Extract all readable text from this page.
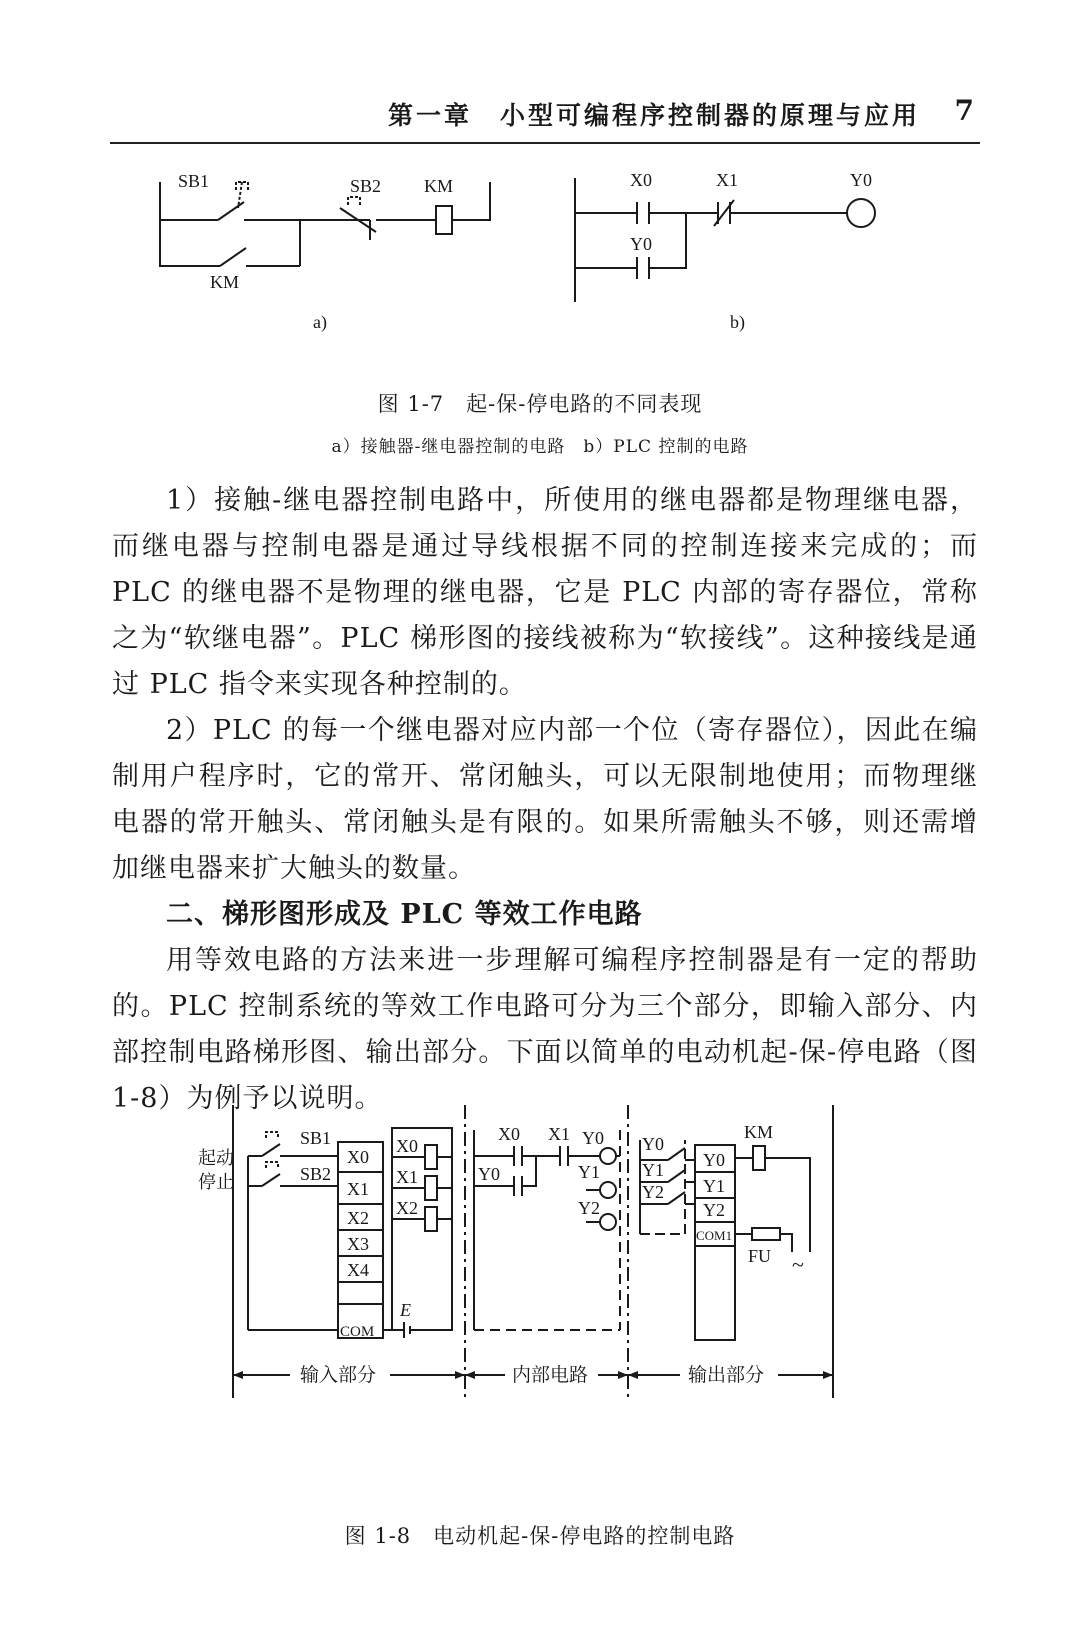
第一章　小型可编程序控制器的原理与应用 7
SB1	SB2 KM
KM
X0	X1	Y0
Y0
a)	b)
图 1-7　起-保-停电路的不同表现
a）接触器-继电器控制的电路　b）PLC 控制的电路

1）接触-继电器控制电路中，所使用的继电器都是物理继电器，而继电器与控制电器是通过导线根据不同的控制连接来完成的；而 PLC 的继电器不是物理的继电器，它是 PLC 内部的寄存器位，常称之为“软继电器”。PLC 梯形图的接线被称为“软接线”。这种接线是通过 PLC 指令来实现各种控制的。

2）PLC 的每一个继电器对应内部一个位（寄存器位），因此在编制用户程序时，它的常开、常闭触头，可以无限制地使用；而物理继电器的常开触头、常闭触头是有限的。如果所需触头不够，则还需增加继电器来扩大触头的数量。

二、梯形图形成及 PLC 等效工作电路

用等效电路的方法来进一步理解可编程序控制器是有一定的帮助的。PLC 控制系统的等效工作电路可分为三个部分，即输入部分、内部控制电路梯形图、输出部分。下面以简单的电动机起-保-停电路（图 1-8）为例予以说明。

起动
停止
SB1
SB2
X0
X1
X2
X3
X4
COM
X0
X1
X2
E
X0 X1
Y0
Y0
Y1
Y2
Y0
Y1
Y2
Y0
Y1
Y2
COM1
KM
FU ~
输入部分	内部电路	输出部分
图 1-8　电动机起-保-停电路的控制电路
